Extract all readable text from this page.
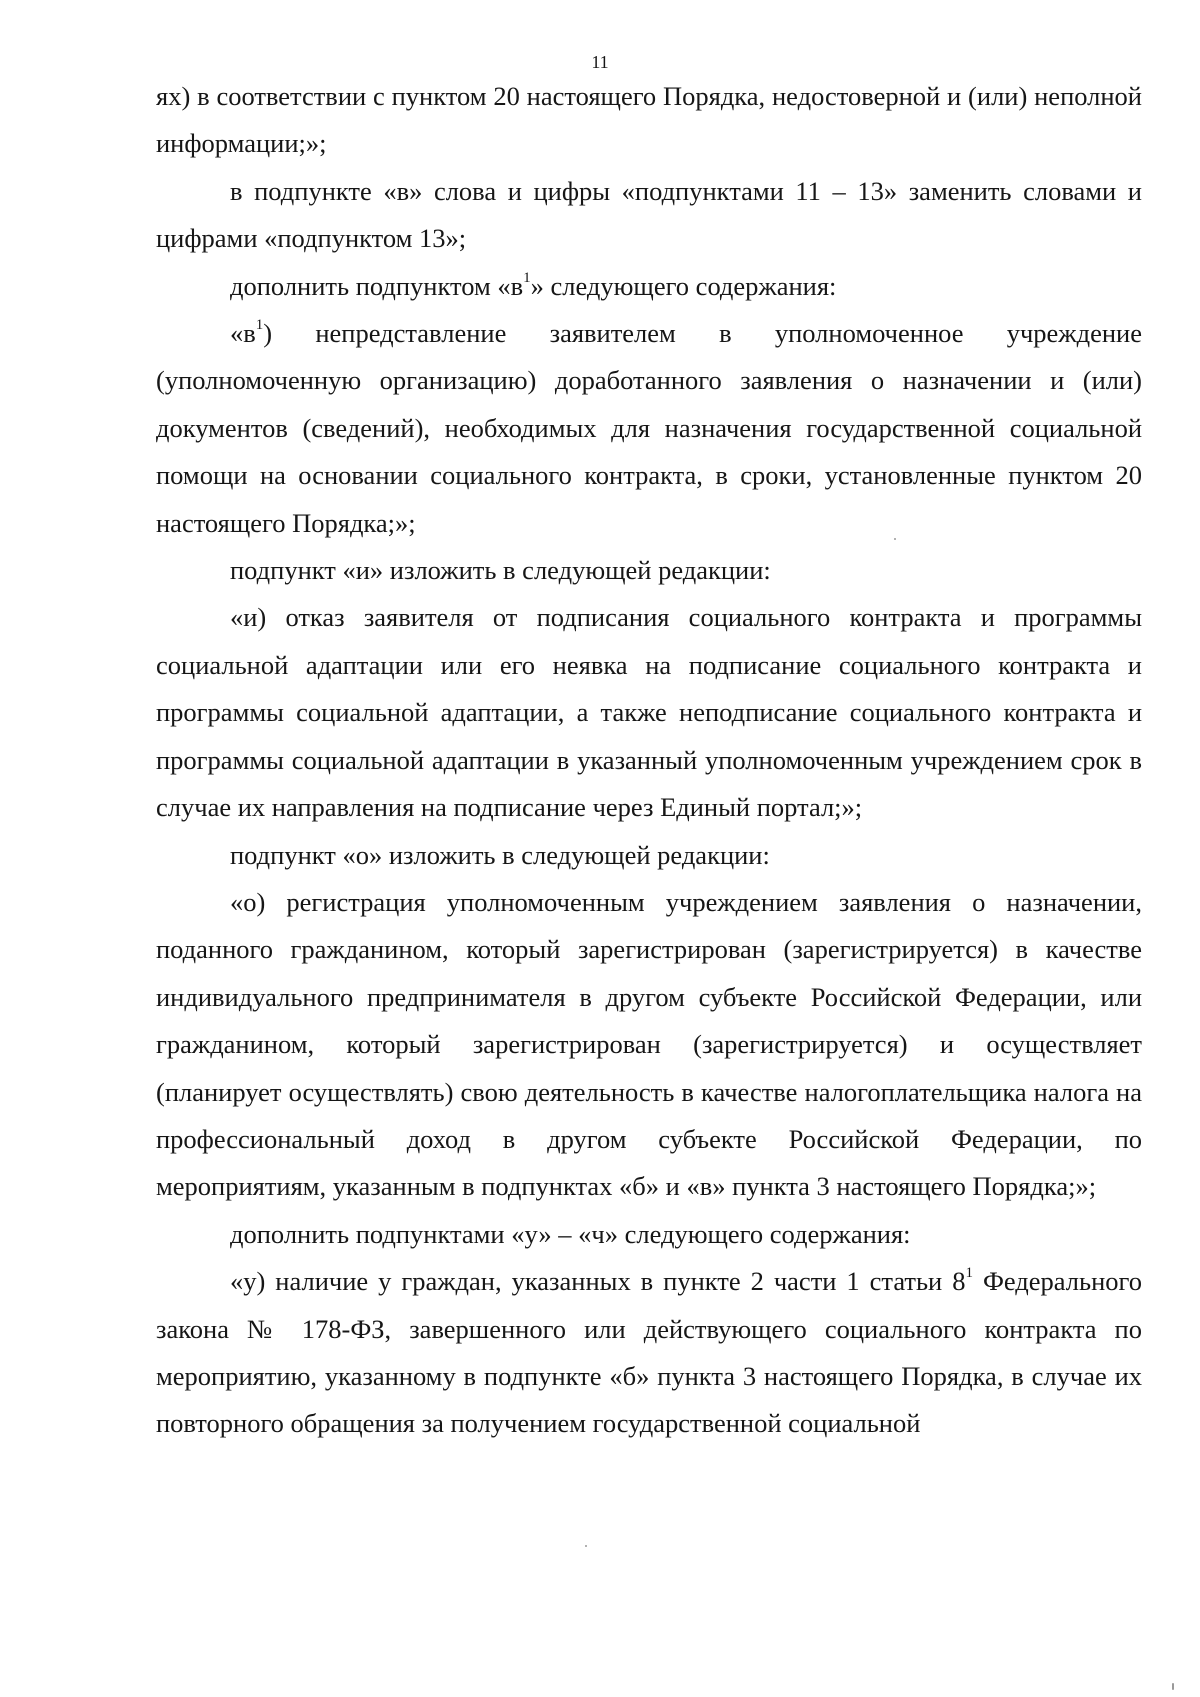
11

ях) в соответствии с пунктом 20 настоящего Порядка, недостоверной и (или) неполной информации;»;

в подпункте «в» слова и цифры «подпунктами 11 – 13» заменить словами и цифрами «подпунктом 13»;

дополнить подпунктом «$в^1$» следующего содержания:

«$в^1$) непредставление заявителем в уполномоченное учреждение (уполномоченную организацию) доработанного заявления о назначении и (или) документов (сведений), необходимых для назначения государственной социальной помощи на основании социального контракта, в сроки, установленные пунктом 20 настоящего Порядка;»;

подпункт «и» изложить в следующей редакции:

«и) отказ заявителя от подписания социального контракта и программы социальной адаптации или его неявка на подписание социального контракта и программы социальной адаптации, а также неподписание социального контракта и программы социальной адаптации в указанный уполномоченным учреждением срок в случае их направления на подписание через Единый портал;»;

подпункт «о» изложить в следующей редакции:

«о) регистрация уполномоченным учреждением заявления о назначении, поданного гражданином, который зарегистрирован (зарегистрируется) в качестве индивидуального предпринимателя в другом субъекте Российской Федерации, или гражданином, который зарегистрирован (зарегистрируется) и осуществляет (планирует осуществлять) свою деятельность в качестве налогоплательщика налога на профессиональный доход в другом субъекте Российской Федерации, по мероприятиям, указанным в подпунктах «б» и «в» пункта 3 настоящего Порядка;»;

дополнить подпунктами «у» – «ч» следующего содержания:

«у) наличие у граждан, указанных в пункте 2 части 1 статьи $8^1$ Федерального закона № 178-ФЗ, завершенного или действующего социального контракта по мероприятию, указанному в подпункте «б» пункта 3 настоящего Порядка, в случае их повторного обращения за получением государственной социальной
